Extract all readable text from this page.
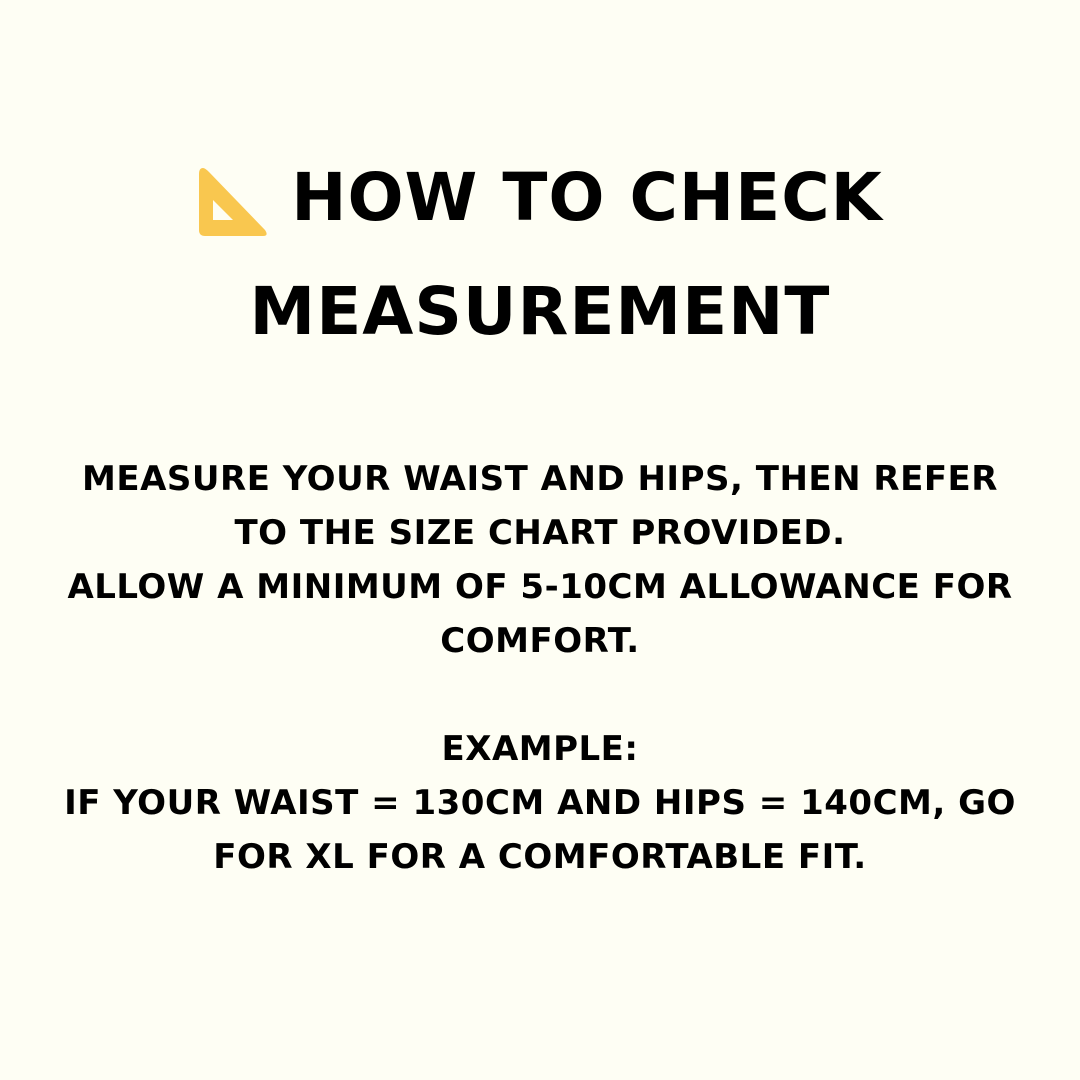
HOW TO CHECK
MEASUREMENT
MEASURE YOUR WAIST AND HIPS, THEN REFER
TO THE SIZE CHART PROVIDED.
ALLOW A MINIMUM OF 5-10CM ALLOWANCE FOR
COMFORT.
EXAMPLE:
IF YOUR WAIST = 130CM AND HIPS = 140CM, GO
FOR XL FOR A COMFORTABLE FIT.
